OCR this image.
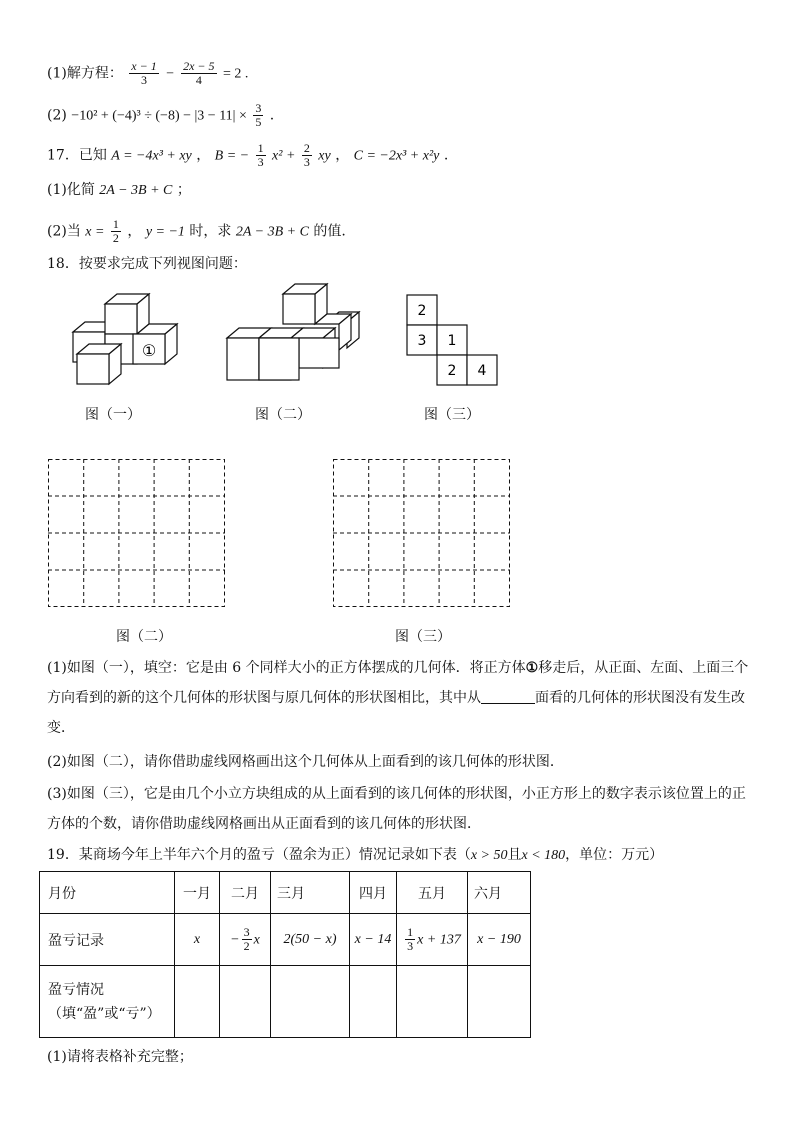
(1)解方程： $\frac{x - 1}{3} - \frac{2x - 5}{4} = 2$ .
$(2) -10^2 + (-4)^3 \div (-8) - |3 - 11| \times \frac{3}{5}$ .
17．已知 A = −4x³ + xy ， B = − $\frac{1}{3} x^2 + \frac{2}{3}$ xy ， C = −2x³ + x²y .
(1)化简 2A − 3B + C ；
(2)当 $x = \frac{1}{2}$ ， y = −1 时，求 2A − 3B + C 的值.
18．按要求完成下列视图问题：
①
图（一）	图（二）
2
3 1
2 4
图（三）
图（二）	图（三）
(1)如图（一），填空：它是由 6 个同样大小的正方体摆成的几何体．将正方体①移走后，从正面、左面、上面三个
方向看到的新的这个几何体的形状图与原几何体的形状图相比，其中从	面看的几何体的形状图没有发生改
变．
(2)如图（二），请你借助虚线网格画出这个几何体从上面看到的该几何体的形状图．
(3)如图（三），它是由几个小立方块组成的从上面看到的该几何体的形状图，小正方形上的数字表示该位置上的正
方体的个数，请你借助虚线网格画出从正面看到的该几何体的形状图．
19．某商场今年上半年六个月的盈亏（盈余为正）情况记录如下表（x > 50且x < 180，单位：万元）
月份	一月	二月	三月	四月	五月	六月
盈亏记录	x	− $\frac{3}{2}$ x	2(50 − x)	x − 14	$\frac{1}{3}$ x + 137	x − 190

盈亏情况
（填“盈”或“亏”）						

(1)请将表格补充完整；
